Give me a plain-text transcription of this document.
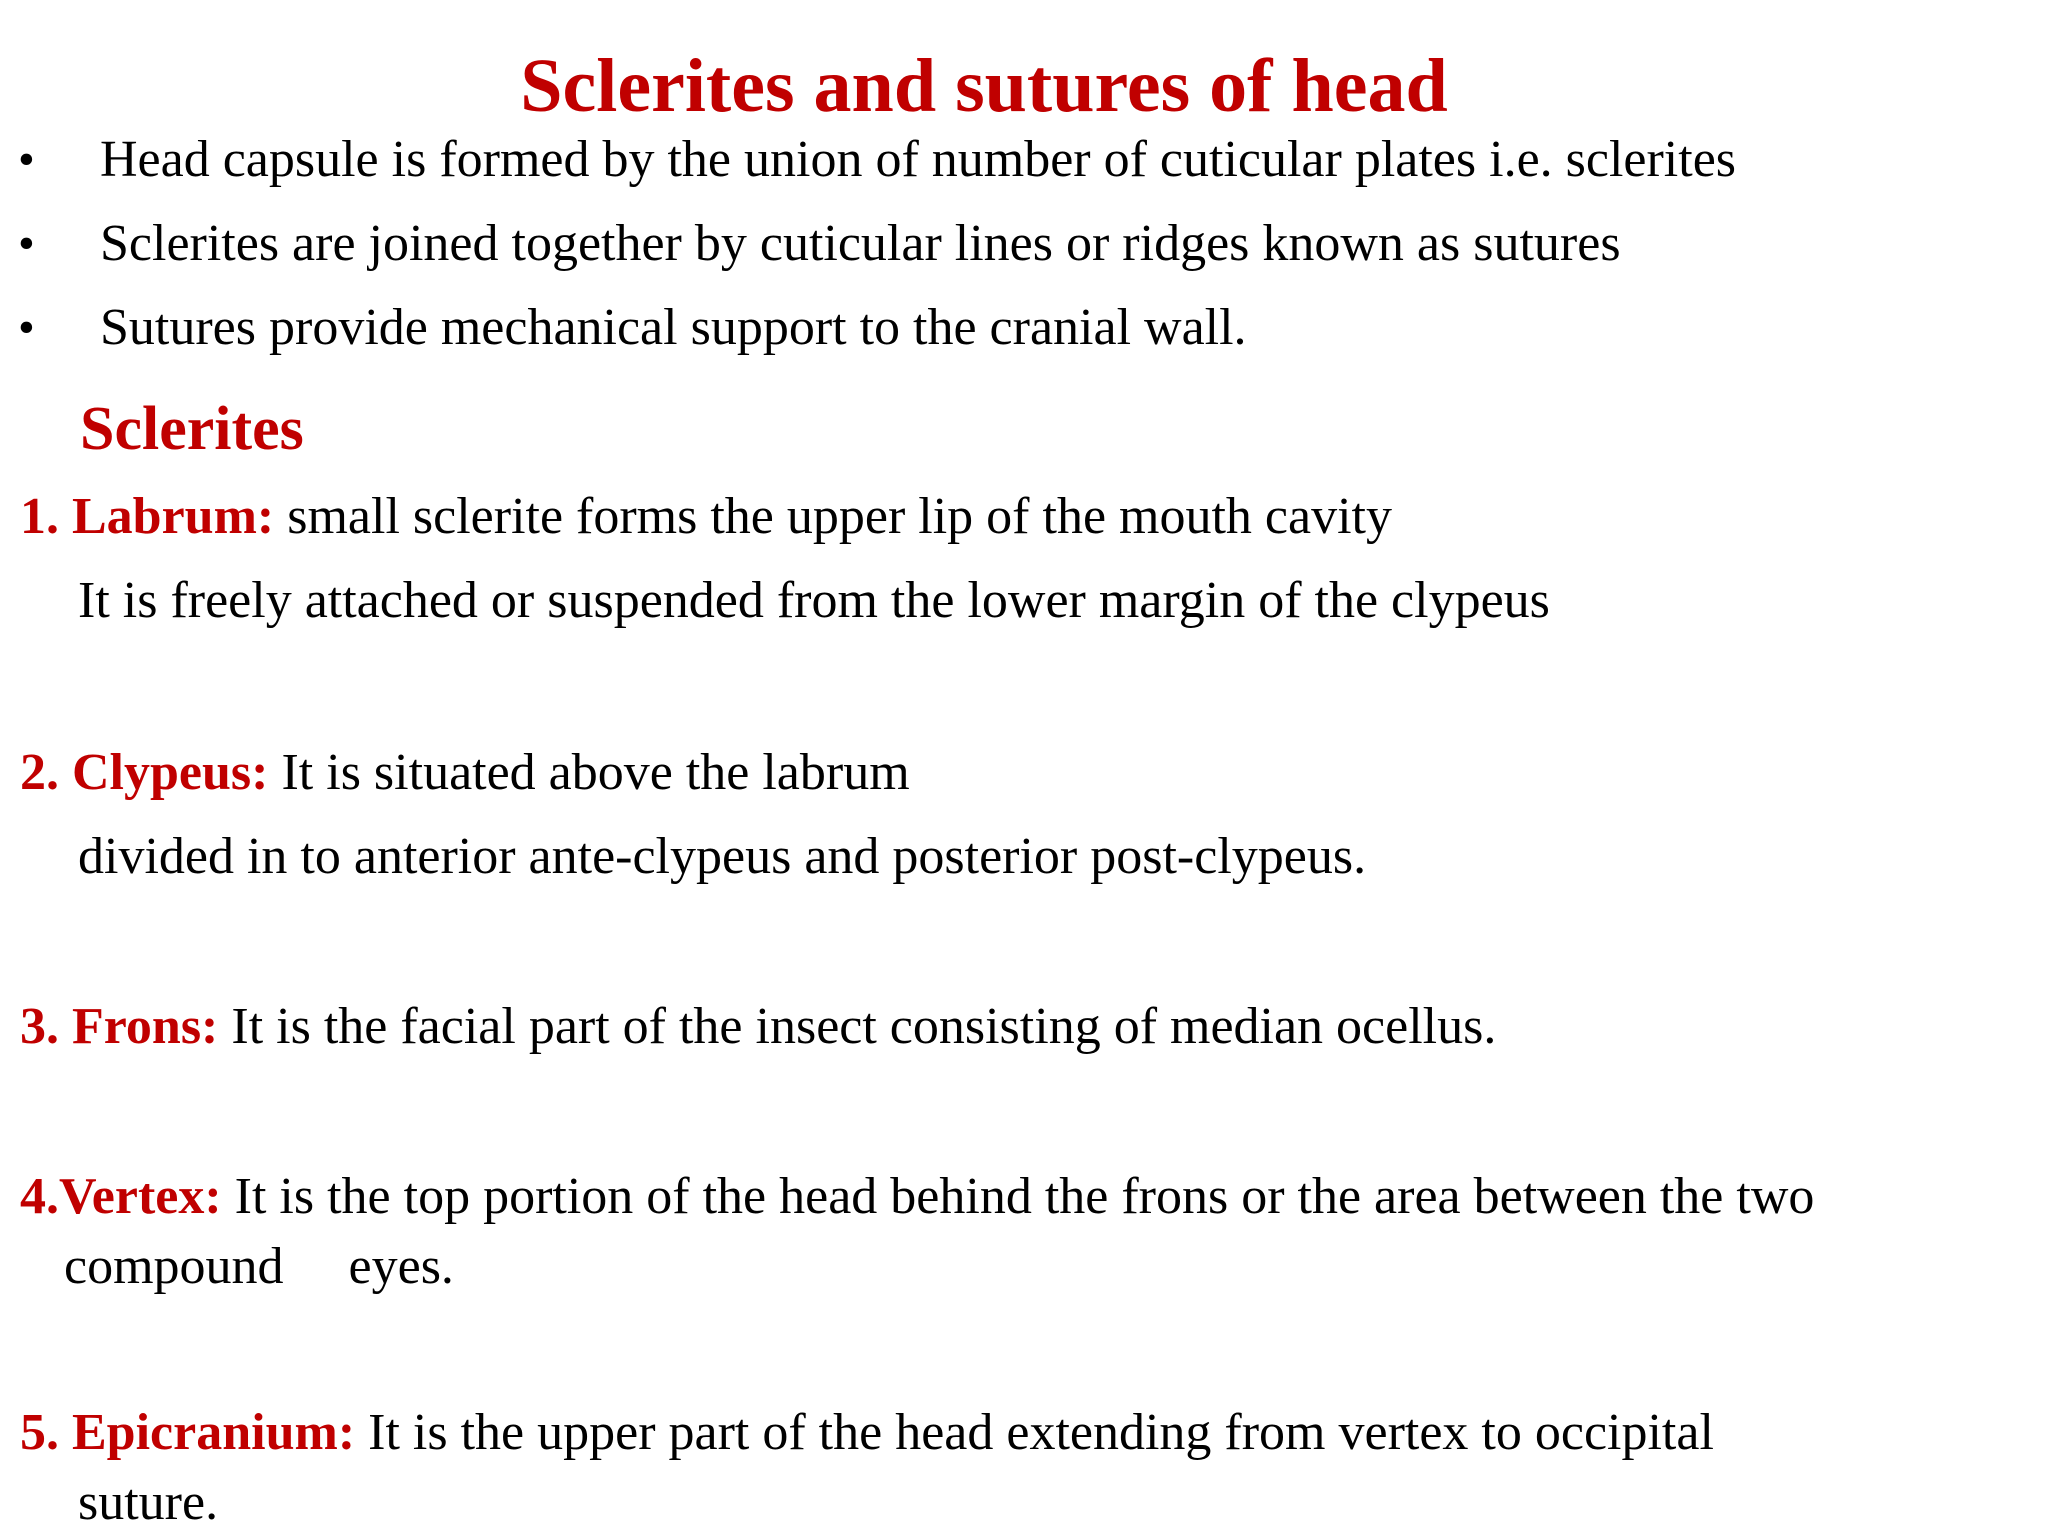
Sclerites and sutures of head
• Head capsule is formed by the union of number of cuticular plates i.e. sclerites
• Sclerites are joined together by cuticular lines or ridges known as sutures
• Sutures provide mechanical support to the cranial wall.
Sclerites
1. Labrum: small sclerite forms the upper lip of the mouth cavity
It is freely attached or suspended from the lower margin of the clypeus
2. Clypeus: It is situated above the labrum
divided in to anterior ante-clypeus and posterior post-clypeus.
3. Frons: It is the facial part of the insect consisting of median ocellus.
4.Vertex: It is the top portion of the head behind the frons or the area between the two
compound     eyes.
5. Epicranium: It is the upper part of the head extending from vertex to occipital
suture.
